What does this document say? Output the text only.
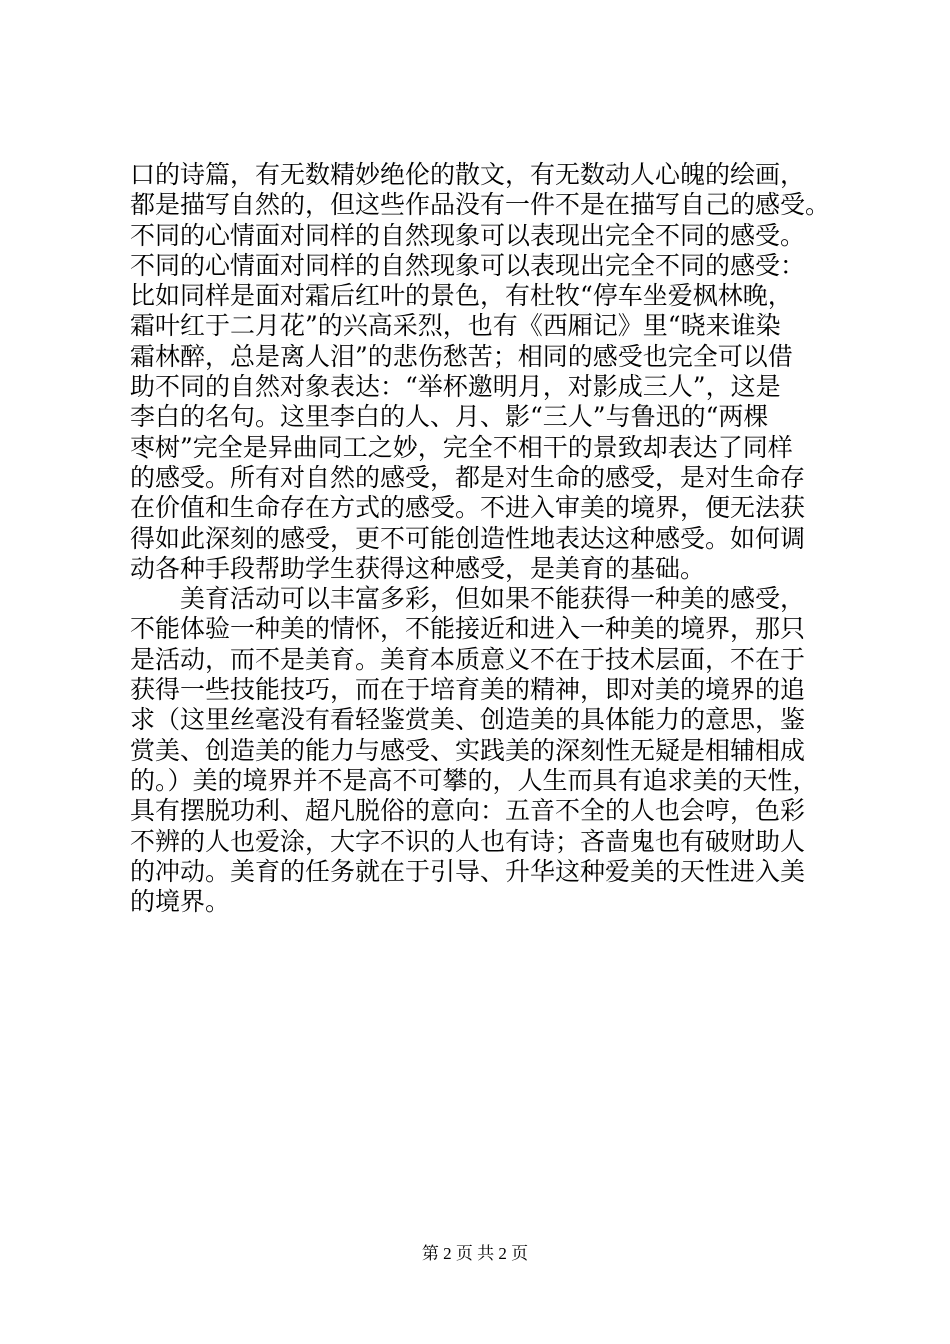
口的诗篇，有无数精妙绝伦的散文，有无数动人心魄的绘画，
都是描写自然的，但这些作品没有一件不是在描写自己的感受。
不同的心情面对同样的自然现象可以表现出完全不同的感受。
不同的心情面对同样的自然现象可以表现出完全不同的感受：
比如同样是面对霜后红叶的景色，有杜牧“停车坐爱枫林晚，
霜叶红于二月花”的兴高采烈，也有《西厢记》里“晓来谁染
霜林醉，总是离人泪”的悲伤愁苦；相同的感受也完全可以借
助不同的自然对象表达：“举杯邀明月，对影成三人”，这是
李白的名句。这里李白的人、月、影“三人”与鲁迅的“两棵
枣树”完全是异曲同工之妙，完全不相干的景致却表达了同样
的感受。所有对自然的感受，都是对生命的感受，是对生命存
在价值和生命存在方式的感受。不进入审美的境界，便无法获
得如此深刻的感受，更不可能创造性地表达这种感受。如何调
动各种手段帮助学生获得这种感受，是美育的基础。
　　美育活动可以丰富多彩，但如果不能获得一种美的感受，
不能体验一种美的情怀，不能接近和进入一种美的境界，那只
是活动，而不是美育。美育本质意义不在于技术层面，不在于
获得一些技能技巧，而在于培育美的精神，即对美的境界的追
求（这里丝毫没有看轻鉴赏美、创造美的具体能力的意思，鉴
赏美、创造美的能力与感受、实践美的深刻性无疑是相辅相成
的。）美的境界并不是高不可攀的，人生而具有追求美的天性，
具有摆脱功利、超凡脱俗的意向：五音不全的人也会哼，色彩
不辨的人也爱涂，大字不识的人也有诗；吝啬鬼也有破财助人
的冲动。美育的任务就在于引导、升华这种爱美的天性进入美
的境界。
第 2 页 共 2 页
